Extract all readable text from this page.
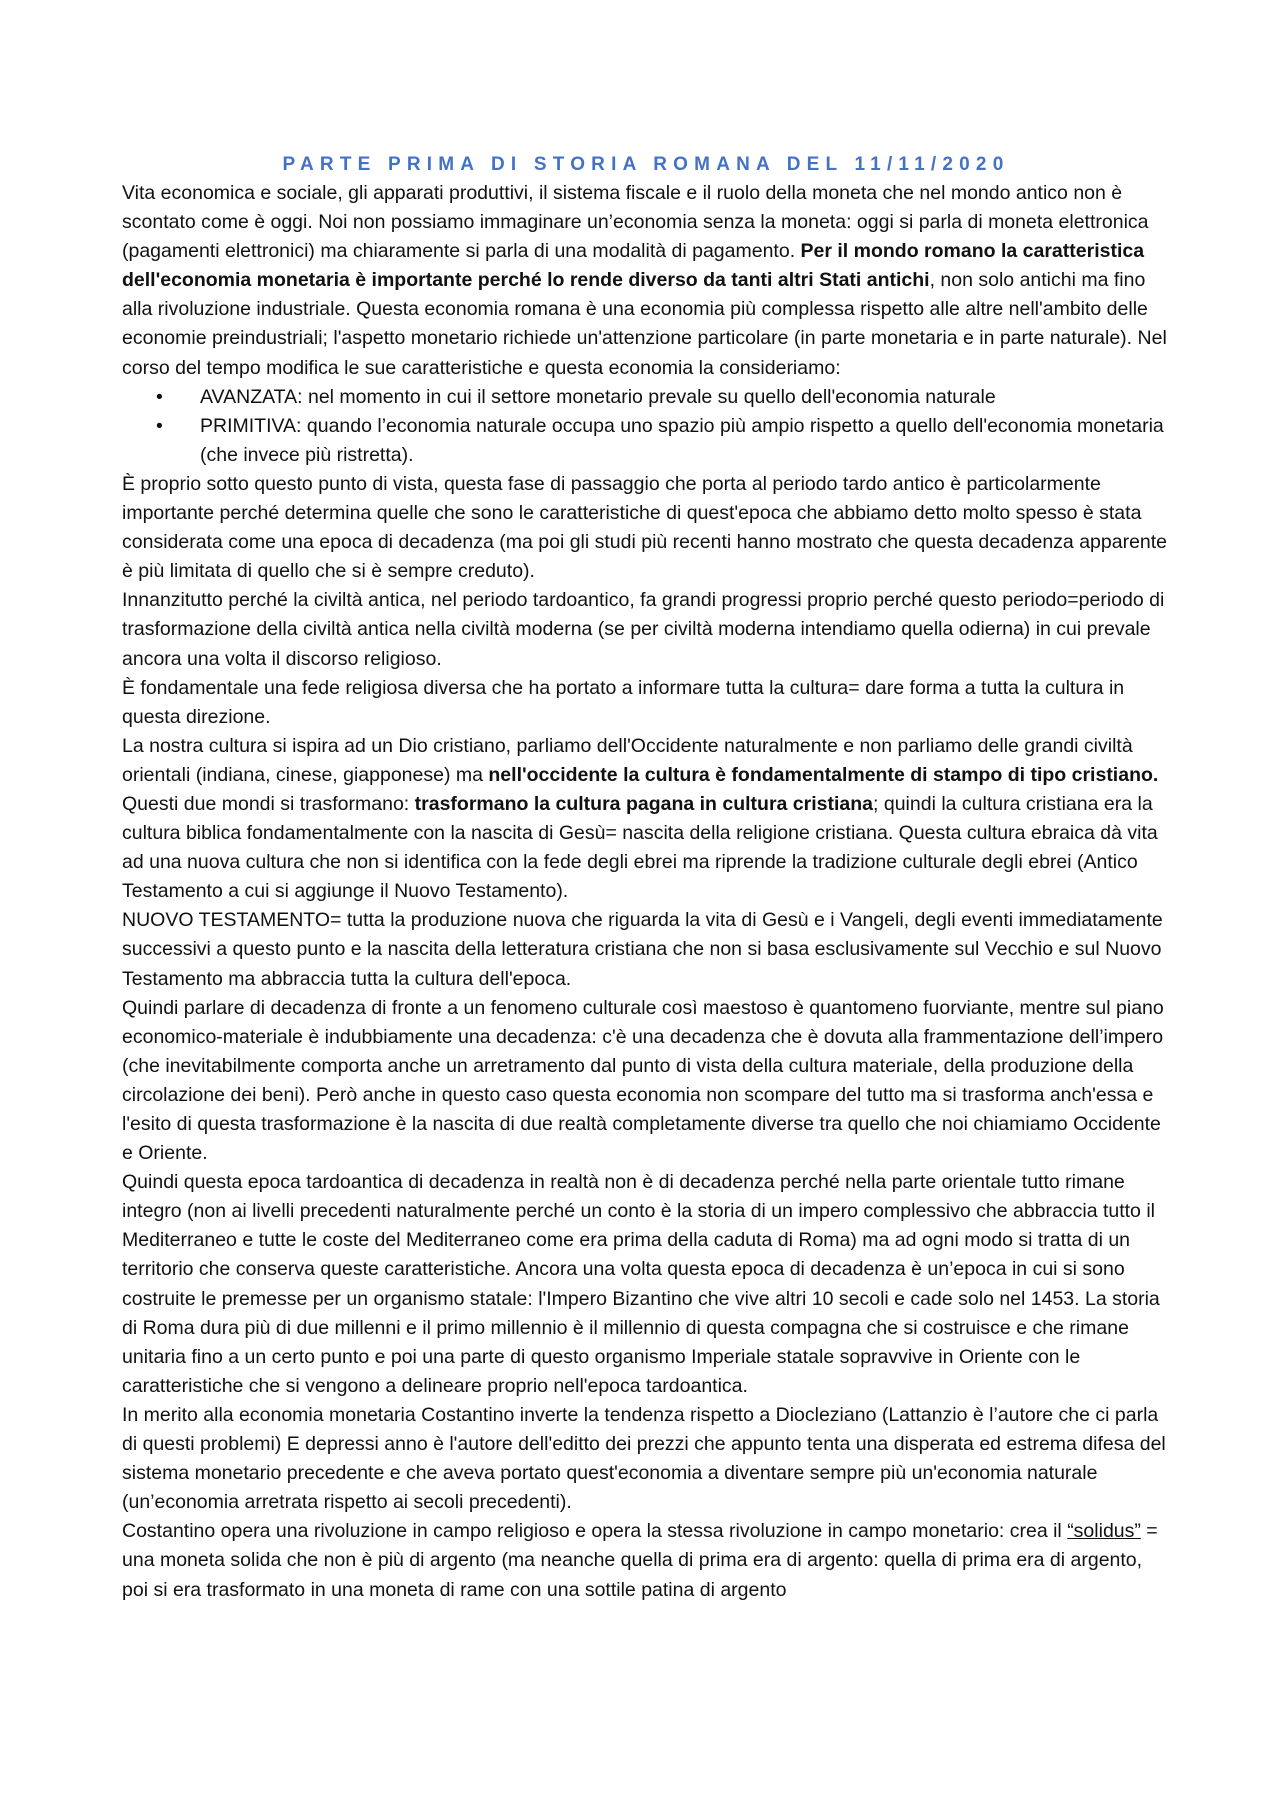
PARTE PRIMA DI STORIA ROMANA DEL 11/11/2020

Vita economica e sociale, gli apparati produttivi, il sistema fiscale e il ruolo della moneta che nel mondo antico non è scontato come è oggi. Noi non possiamo immaginare un’economia senza la moneta: oggi si parla di moneta elettronica (pagamenti elettronici) ma chiaramente si parla di una modalità di pagamento. Per il mondo romano la caratteristica dell'economia monetaria è importante perché lo rende diverso da tanti altri Stati antichi, non solo antichi ma fino alla rivoluzione industriale. Questa economia romana è una economia più complessa rispetto alle altre nell'ambito delle economie preindustriali; l'aspetto monetario richiede un'attenzione particolare (in parte monetaria e in parte naturale). Nel corso del tempo modifica le sue caratteristiche e questa economia la consideriamo:

• AVANZATA: nel momento in cui il settore monetario prevale su quello dell'economia naturale
• PRIMITIVA: quando l’economia naturale occupa uno spazio più ampio rispetto a quello dell'economia monetaria (che invece più ristretta).

È proprio sotto questo punto di vista, questa fase di passaggio che porta al periodo tardo antico è particolarmente importante perché determina quelle che sono le caratteristiche di quest'epoca che abbiamo detto molto spesso è stata considerata come una epoca di decadenza (ma poi gli studi più recenti hanno mostrato che questa decadenza apparente è più limitata di quello che si è sempre creduto).

Innanzitutto perché la civiltà antica, nel periodo tardoantico, fa grandi progressi proprio perché questo periodo=periodo di trasformazione della civiltà antica nella civiltà moderna (se per civiltà moderna intendiamo quella odierna) in cui prevale ancora una volta il discorso religioso.

È fondamentale una fede religiosa diversa che ha portato a informare tutta la cultura= dare forma a tutta la cultura in questa direzione.

La nostra cultura si ispira ad un Dio cristiano, parliamo dell'Occidente naturalmente e non parliamo delle grandi civiltà orientali (indiana, cinese, giapponese) ma nell'occidente la cultura è fondamentalmente di stampo di tipo cristiano.

Questi due mondi si trasformano: trasformano la cultura pagana in cultura cristiana; quindi la cultura cristiana era la cultura biblica fondamentalmente con la nascita di Gesù= nascita della religione cristiana. Questa cultura ebraica dà vita ad una nuova cultura che non si identifica con la fede degli ebrei ma riprende la tradizione culturale degli ebrei (Antico Testamento a cui si aggiunge il Nuovo Testamento).

NUOVO TESTAMENTO= tutta la produzione nuova che riguarda la vita di Gesù e i Vangeli, degli eventi immediatamente successivi a questo punto e la nascita della letteratura cristiana che non si basa esclusivamente sul Vecchio e sul Nuovo Testamento ma abbraccia tutta la cultura dell'epoca.

Quindi parlare di decadenza di fronte a un fenomeno culturale così maestoso è quantomeno fuorviante, mentre sul piano economico-materiale è indubbiamente una decadenza: c'è una decadenza che è dovuta alla frammentazione dell’impero (che inevitabilmente comporta anche un arretramento dal punto di vista della cultura materiale, della produzione della circolazione dei beni). Però anche in questo caso questa economia non scompare del tutto ma si trasforma anch'essa e l'esito di questa trasformazione è la nascita di due realtà completamente diverse tra quello che noi chiamiamo Occidente e Oriente.

Quindi questa epoca tardoantica di decadenza in realtà non è di decadenza perché nella parte orientale tutto rimane integro (non ai livelli precedenti naturalmente perché un conto è la storia di un impero complessivo che abbraccia tutto il Mediterraneo e tutte le coste del Mediterraneo come era prima della caduta di Roma) ma ad ogni modo si tratta di un territorio che conserva queste caratteristiche. Ancora una volta questa epoca di decadenza è un’epoca in cui si sono costruite le premesse per un organismo statale: l'Impero Bizantino che vive altri 10 secoli e cade solo nel 1453. La storia di Roma dura più di due millenni e il primo millennio è il millennio di questa compagna che si costruisce e che rimane unitaria fino a un certo punto e poi una parte di questo organismo Imperiale statale sopravvive in Oriente con le caratteristiche che si vengono a delineare proprio nell'epoca tardoantica.

In merito alla economia monetaria Costantino inverte la tendenza rispetto a Diocleziano (Lattanzio è l’autore che ci parla di questi problemi) E depressi anno è l'autore dell'editto dei prezzi che appunto tenta una disperata ed estrema difesa del sistema monetario precedente e che aveva portato quest'economia a diventare sempre più un'economia naturale (un’economia arretrata rispetto ai secoli precedenti).

Costantino opera una rivoluzione in campo religioso e opera la stessa rivoluzione in campo monetario: crea il “solidus” = una moneta solida che non è più di argento (ma neanche quella di prima era di argento: quella di prima era di argento, poi si era trasformato in una moneta di rame con una sottile patina di argento
